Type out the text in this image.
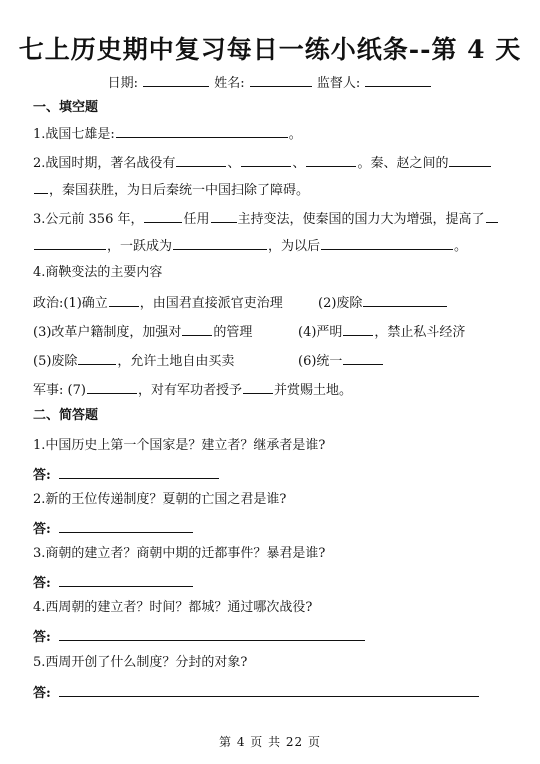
七上历史期中复习每日一练小纸条--第 4 天
日期:	姓名:	监督人:
一、填空题
1.战国七雄是:	。
2.战国时期，著名战役有	、	、	。秦、赵之间的
，秦国获胜，为日后秦统一中国扫除了障碍。
3.公元前 356 年，	任用 主持变法，使秦国的国力大为增强，提高了
，一跃成为	，为以后	。
4.商鞅变法的主要内容
政治:(1)确立 ，由国君直接派官吏治理	(2)废除
(3)改革户籍制度，加强对 的管理	(4)严明 ，禁止私斗经济
(5)废除	，允许土地自由买卖	(6)统一
军事: (7)	，对有军功者授予 并赏赐土地。
二、简答题
1.中国历史上第一个国家是？建立者？继承者是谁?
答:
2.新的王位传递制度？夏朝的亡国之君是谁?
答:
3.商朝的建立者？商朝中期的迁都事件？暴君是谁?
答:
4.西周朝的建立者？时间？都城？通过哪次战役?
答:
5.西周开创了什么制度？分封的对象?
答:
第 4 页 共 22 页
